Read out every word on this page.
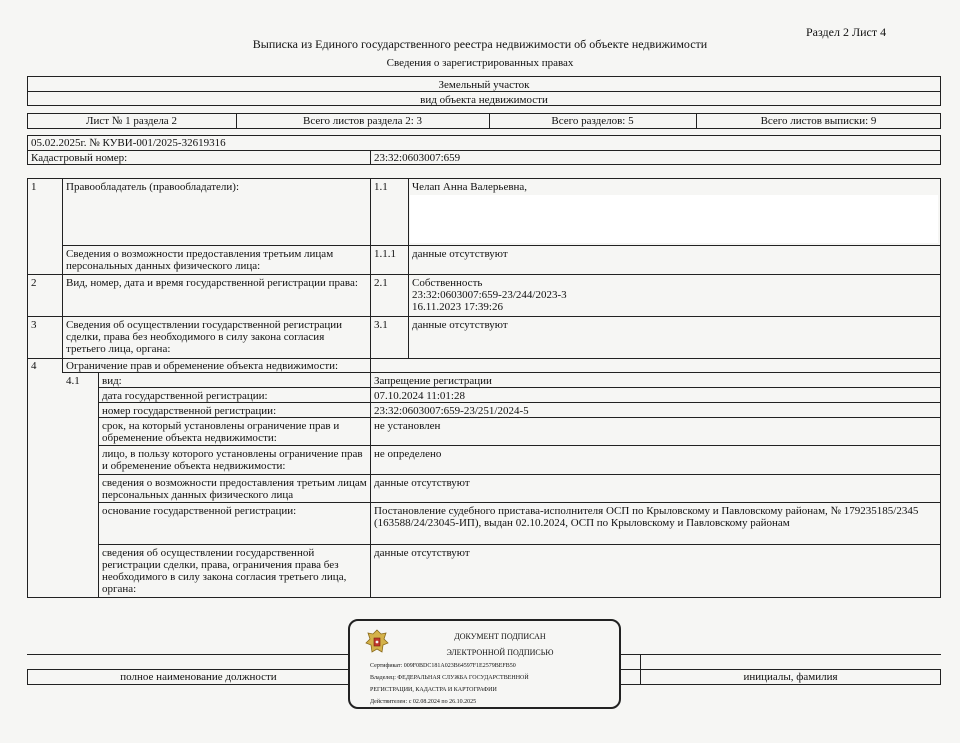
Раздел 2 Лист 4
Выписка из Единого государственного реестра недвижимости об объекте недвижимости
Сведения о зарегистрированных правах
Земельный участок
вид объекта недвижимости
Лист № 1 раздела 2	Всего листов раздела 2: 3	Всего разделов: 5	Всего листов выписки: 9
05.02.2025г. № КУВИ-001/2025-32619316
Кадастровый номер:	23:32:0603007:659
1	Правообладатель (правообладатели):	1.1 Челап Анна Валерьевна,
Сведения о возможности предоставления третьим лицам персональных данных физического лица:
1.1.1 данные отсутствуют
2	Вид, номер, дата и время государственной регистрации права:	2.1 Собственность
23:32:0603007:659-23/244/2023-3
16.11.2023 17:39:26
3	Сведения об осуществлении государственной регистрации сделки, права без необходимого в силу закона согласия третьего лица, органа:
3.1 данные отсутствуют
4	Ограничение прав и обременение объекта недвижимости:
4.1 вид:	Запрещение регистрации
дата государственной регистрации:	07.10.2024 11:01:28
номер государственной регистрации:	23:32:0603007:659-23/251/2024-5
срок, на который установлены ограничение прав и обременение объекта недвижимости:
не установлен
лицо, в пользу которого установлены ограничение прав и обременение объекта недвижимости:
не определено
сведения о возможности предоставления третьим лицам персональных данных физического лица
данные отсутствуют
основание государственной регистрации:	Постановление судебного пристава-исполнителя ОСП по Крыловскому и Павловскому районам, № 179235185/2345 (163588/24/23045-ИП), выдан 02.10.2024, ОСП по Крыловскому и Павловскому районам
сведения об осуществлении государственной регистрации сделки, права, ограничения права без необходимого в силу закона согласия третьего лица, органа:
данные отсутствуют
полное наименование должности	инициалы, фамилия
ДОКУМЕНТ ПОДПИСАН
ЭЛЕКТРОННОЙ ПОДПИСЬЮ
Сертификат: 009F0BDC181A023B64597F1E2579BEFB50
Владелец: ФЕДЕРАЛЬНАЯ СЛУЖБА ГОСУДАРСТВЕННОЙ
РЕГИСТРАЦИИ, КАДАСТРА И КАРТОГРАФИИ
Действителен: с 02.08.2024 по 26.10.2025
